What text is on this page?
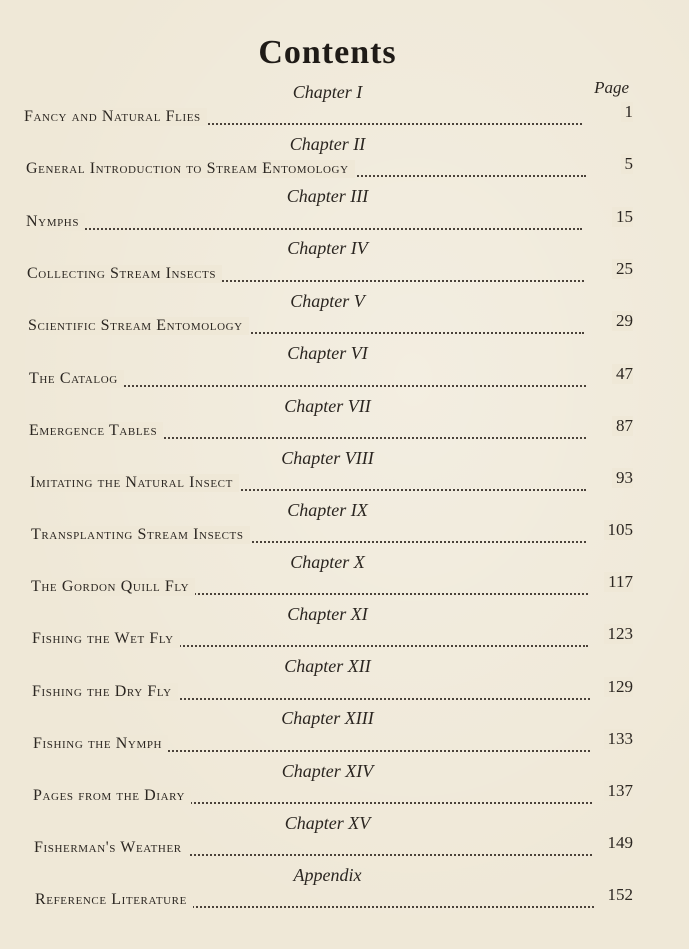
Contents
Page
Chapter I
Fancy and Natural Flies	1
Chapter II
General Introduction to Stream Entomology	5
Chapter III
Nymphs	15
Chapter IV
Collecting Stream Insects	25
Chapter V
Scientific Stream Entomology	29
Chapter VI
The Catalog	47
Chapter VII
Emergence Tables	87
Chapter VIII
Imitating the Natural Insect	93
Chapter IX
Transplanting Stream Insects	105
Chapter X
The Gordon Quill Fly	117
Chapter XI
Fishing the Wet Fly	123
Chapter XII
Fishing the Dry Fly	129
Chapter XIII
Fishing the Nymph	133
Chapter XIV
Pages from the Diary	137
Chapter XV
Fisherman's Weather	149
Appendix
Reference Literature	152
